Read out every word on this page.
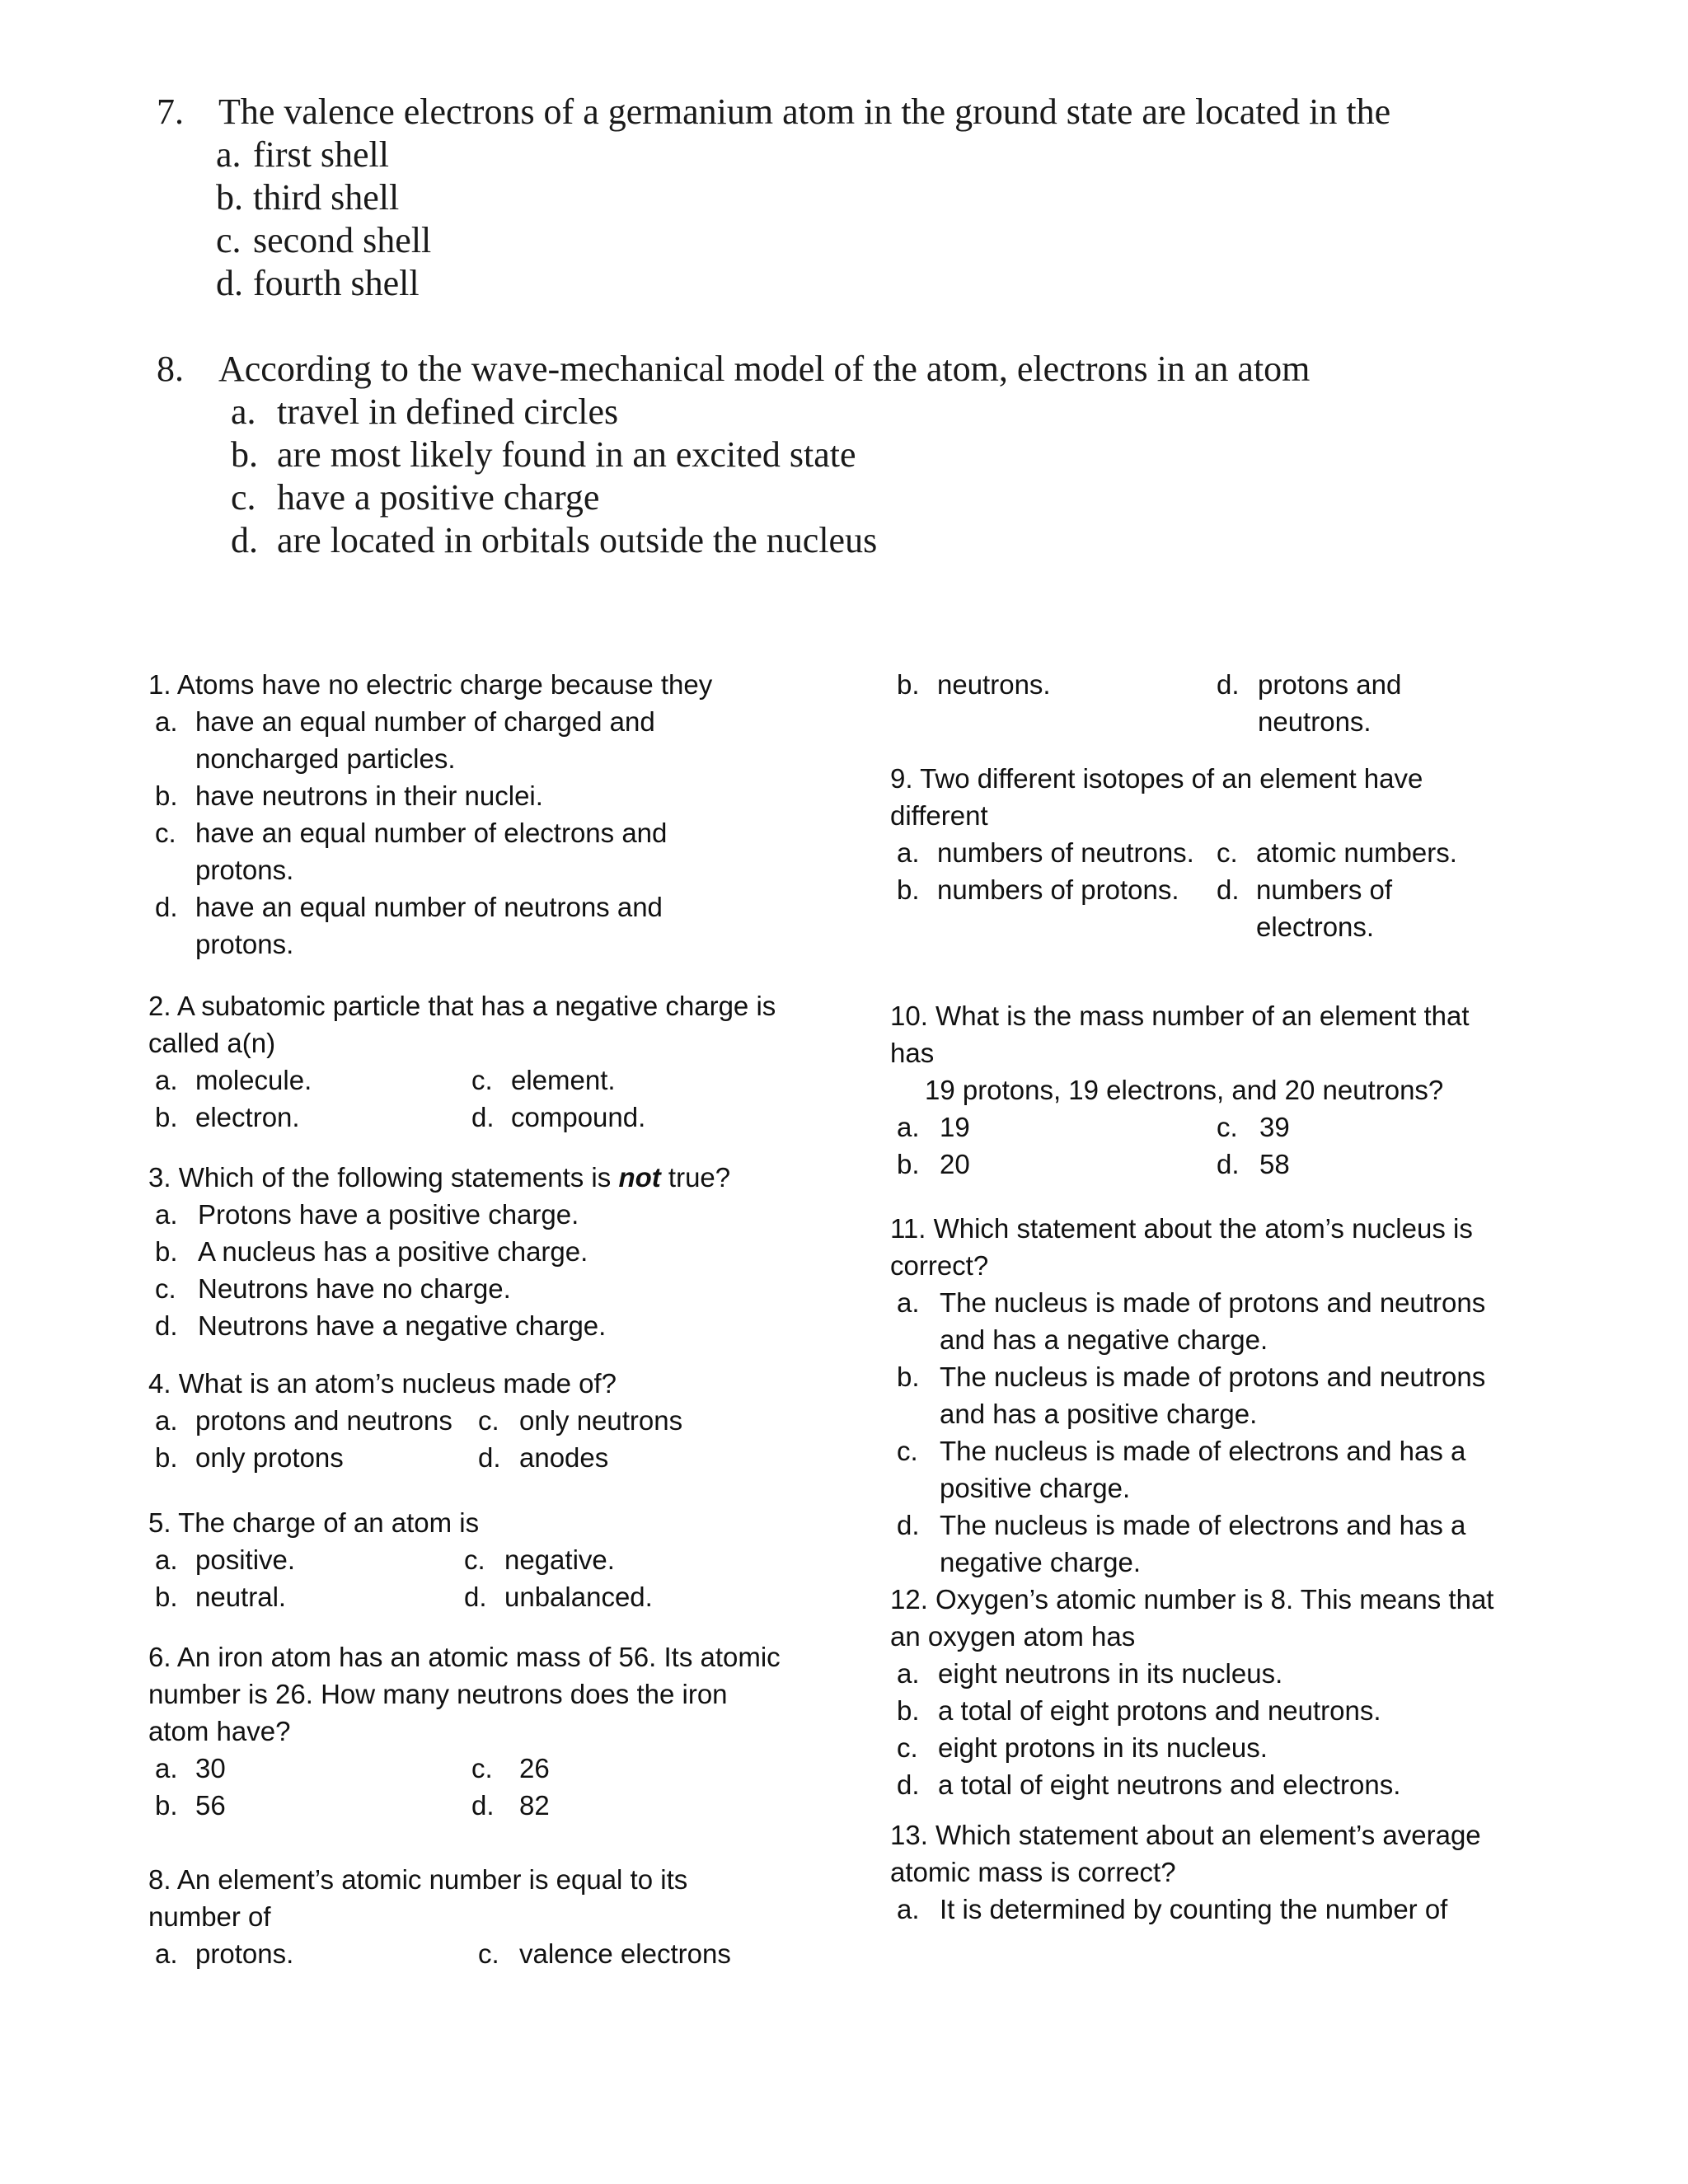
7. The valence electrons of a germanium atom in the ground state are located in the
a. first shell
b. third shell
c. second shell
d. fourth shell
8. According to the wave-mechanical model of the atom, electrons in an atom
a. travel in defined circles
b. are most likely found in an excited state
c. have a positive charge
d. are located in orbitals outside the nucleus
1. Atoms have no electric charge because they
a. have an equal number of charged and
noncharged particles.
b. have neutrons in their nuclei.
c. have an equal number of electrons and
protons.
d. have an equal number of neutrons and
protons.
2. A subatomic particle that has a negative charge is
called a(n)
a. molecule.	c. element.
b. electron.	d. compound.
3. Which of the following statements is not true?
a. Protons have a positive charge.
b. A nucleus has a positive charge.
c. Neutrons have no charge.
d. Neutrons have a negative charge.
4. What is an atom’s nucleus made of?
a. protons and neutrons c. only neutrons
b. only protons	d. anodes
5. The charge of an atom is
a. positive.	c. negative.
b. neutral.	d. unbalanced.
6. An iron atom has an atomic mass of 56. Its atomic
number is 26. How many neutrons does the iron
atom have?
a. 30	c. 26
b. 56	d. 82
8. An element’s atomic number is equal to its
number of
a. protons.	c. valence electrons
b. neutrons.	d. protons and
neutrons.
9. Two different isotopes of an element have
different
a. numbers of neutrons. c. atomic numbers.
b. numbers of protons. d. numbers of
electrons.
10. What is the mass number of an element that
has
19 protons, 19 electrons, and 20 neutrons?
a. 19	c. 39
b. 20	d. 58
11. Which statement about the atom’s nucleus is
correct?
a. The nucleus is made of protons and neutrons
and has a negative charge.
b. The nucleus is made of protons and neutrons
and has a positive charge.
c. The nucleus is made of electrons and has a
positive charge.
d. The nucleus is made of electrons and has a
negative charge.
12. Oxygen’s atomic number is 8. This means that
an oxygen atom has
a. eight neutrons in its nucleus.
b. a total of eight protons and neutrons.
c. eight protons in its nucleus.
d. a total of eight neutrons and electrons.
13. Which statement about an element’s average
atomic mass is correct?
a. It is determined by counting the number of
